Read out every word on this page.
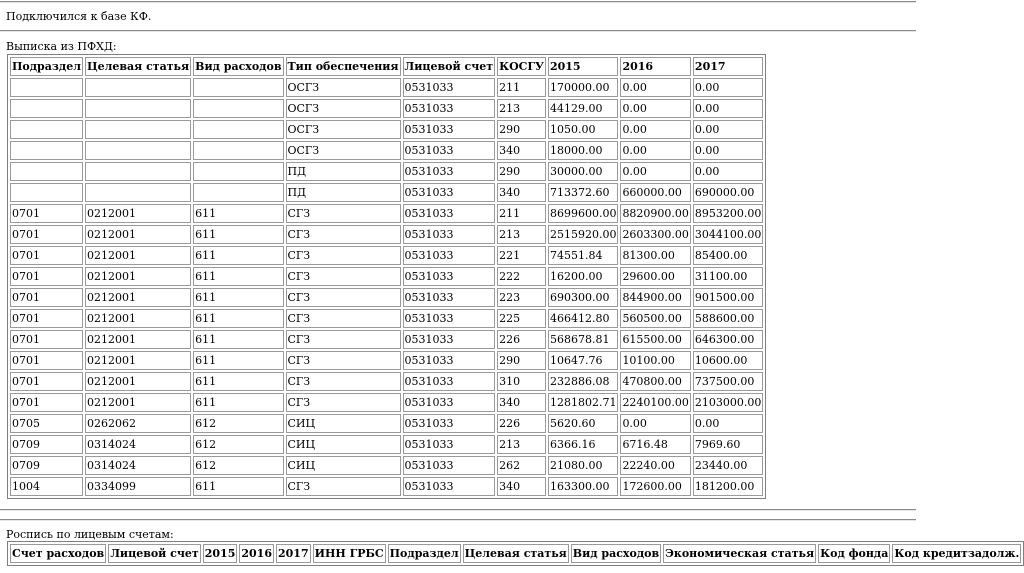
Подключился к базе КФ.
Выписка из ПФХД:
Подраздел	Целевая статья	Вид расходов	Тип обеспечения	Лицевой счет	КОСГУ	2015	2016	2017
			ОСГЗ	0531033	211	170000.00	0.00	0.00
			ОСГЗ	0531033	213	44129.00	0.00	0.00
			ОСГЗ	0531033	290	1050.00	0.00	0.00
			ОСГЗ	0531033	340	18000.00	0.00	0.00
			ПД	0531033	290	30000.00	0.00	0.00
			ПД	0531033	340	713372.60	660000.00	690000.00
0701	0212001	611	СГЗ	0531033	211	8699600.00	8820900.00	8953200.00
0701	0212001	611	СГЗ	0531033	213	2515920.00	2603300.00	3044100.00
0701	0212001	611	СГЗ	0531033	221	74551.84	81300.00	85400.00
0701	0212001	611	СГЗ	0531033	222	16200.00	29600.00	31100.00
0701	0212001	611	СГЗ	0531033	223	690300.00	844900.00	901500.00
0701	0212001	611	СГЗ	0531033	225	466412.80	560500.00	588600.00
0701	0212001	611	СГЗ	0531033	226	568678.81	615500.00	646300.00
0701	0212001	611	СГЗ	0531033	290	10647.76	10100.00	10600.00
0701	0212001	611	СГЗ	0531033	310	232886.08	470800.00	737500.00
0701	0212001	611	СГЗ	0531033	340	1281802.71	2240100.00	2103000.00
0705	0262062	612	СИЦ	0531033	226	5620.60	0.00	0.00
0709	0314024	612	СИЦ	0531033	213	6366.16	6716.48	7969.60
0709	0314024	612	СИЦ	0531033	262	21080.00	22240.00	23440.00
1004	0334099	611	СГЗ	0531033	340	163300.00	172600.00	181200.00
Роспись по лицевым счетам:
Счет расходов	Лицевой счет	2015	2016	2017	ИНН ГРБС	Подраздел	Целевая статья	Вид расходов	Экономическая статья	Код фонда	Код кредитзадолж.
